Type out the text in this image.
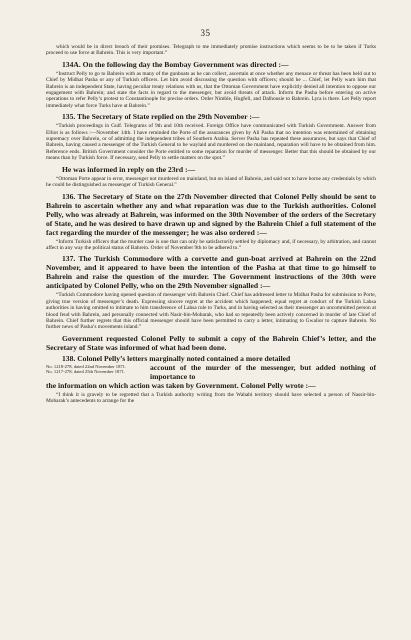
35

which would be in direct breach of their promises. Telegraph to me immediately promise instructions which seems to be to be taken if Turks proceed to use force at Bahrein. This is very important.”

134A. On the following day the Bombay Government was directed :—

“Instruct Pelly to go to Bahrein with as many of the gunboats as he can collect, ascertain at once whether any menace or threat has been held out to Chief by Midhat Pasha or any of Turkish officers. Let him avoid discussing the question with officers; should he ... Chief, let Pelly warn him that Bahrein is an independent State, having peculiar treaty relations with us, that the Ottoman Government have explicitly denied all intention to oppose our engagement with Bahrein; and state the facts in regard to the messenger, but avoid threats of attack. Inform the Pasha before entering on active operations to refer Pelly’s protest to Constantinople for precise orders. Order Nimble, Hugfell, and Dalhousie to Bahrein. Lyra is there. Let Pelly report immediately what force Turks have at Bahrein.”

135. The Secretary of State replied on the 29th November :—

“Turkish proceedings in Gulf. Telegrams of 9th and 10th received. Foreign Office have communicated with Turkish Government. Answer from Elliot is as follows :—November 14th. I have reminded the Porte of the assurances given by Ali Pasha that no intention was entertained of obtaining supremacy over Bahrein, or of admitting the independent tribes of Southern Arabia. Server Pasha has repeated these assurances, but says that Chief of Bahrein, having caused a messenger of the Turkish General to be waylaid and murdered on the mainland, reparation will have to be obtained from him. Reference ends. British Government consider the Porte entitled to some reparation for murder of messenger. Better that this should be obtained by our means than by Turkish force. If necessary, send Pelly to settle matters on the spot.”

He was informed in reply on the 23rd :—

“Ottoman Porte appear in error, messenger not murdered on mainland, but on island of Bahrein, and said not to have borne any credentials by which he could be distinguished as messenger of Turkish General.”

136. The Secretary of State on the 27th November directed that Colonel Pelly should be sent to Bahrein to ascertain whether any and what reparation was due to the Turkish authorities. Colonel Pelly, who was already at Bahrein, was informed on the 30th November of the orders of the Secretary of State, and he was desired to have drawn up and signed by the Bahrein Chief a full statement of the fact regarding the murder of the messenger; he was also ordered :—

“Inform Turkish officers that the murder case is one that can only be satisfactorily settled by diplomacy and, if necessary, by arbitration, and cannot affect in any way the political status of Bahrein. Order of November 9th to be adhered to.”

137. The Turkish Commodore with a corvette and gun-boat arrived at Bahrein on the 22nd November, and it appeared to have been the intention of the Pasha at that time to go himself to Bahrein and raise the question of the murder. The Government instructions of the 30th were anticipated by Colonel Pelly, who on the 29th November signalled :—

“Turkish Commodore having opened question of messenger with Bahrein Chief. Chief has addressed letter to Midhat Pasha for submission to Porte, giving true version of messenger’s death. Expressing sincere regret at the accident which happened; equal regret at conduct of the Turkish Lahsa authorities in having omitted to intimate to him transference of Lahsa rule to Turks, and in having selected as their messenger an uncommitted person at blood feud with Bahrein, and personally connected with Nasir-bin-Mobarak, who had so repeatedly been actively concerned in murder of late Chief of Bahrein. Chief further regrets that this official messenger should have been permitted to carry a letter, intimating to Gwalior to capture Bahrein. No further news of Pasha’s movements inland.”

Government requested Colonel Pelly to submit a copy of the Bahrein Chief’s letter, and the Secretary of State was informed of what had been done.

138. Colonel Pelly’s letters marginally noted contained a more detailed

No. 1218-278, dated 22nd November 1871.
No. 1217-278, dated 25th November 1871.
account of the murder of the messenger, but added nothing of importance to

the information on which action was taken by Government. Colonel Pelly wrote :—

“I think it is gravely to be regretted that a Turkish authority writing from the Wahabi territory should have selected a person of Nassir-bin-Mobarak’s antecedents to arrange for the
